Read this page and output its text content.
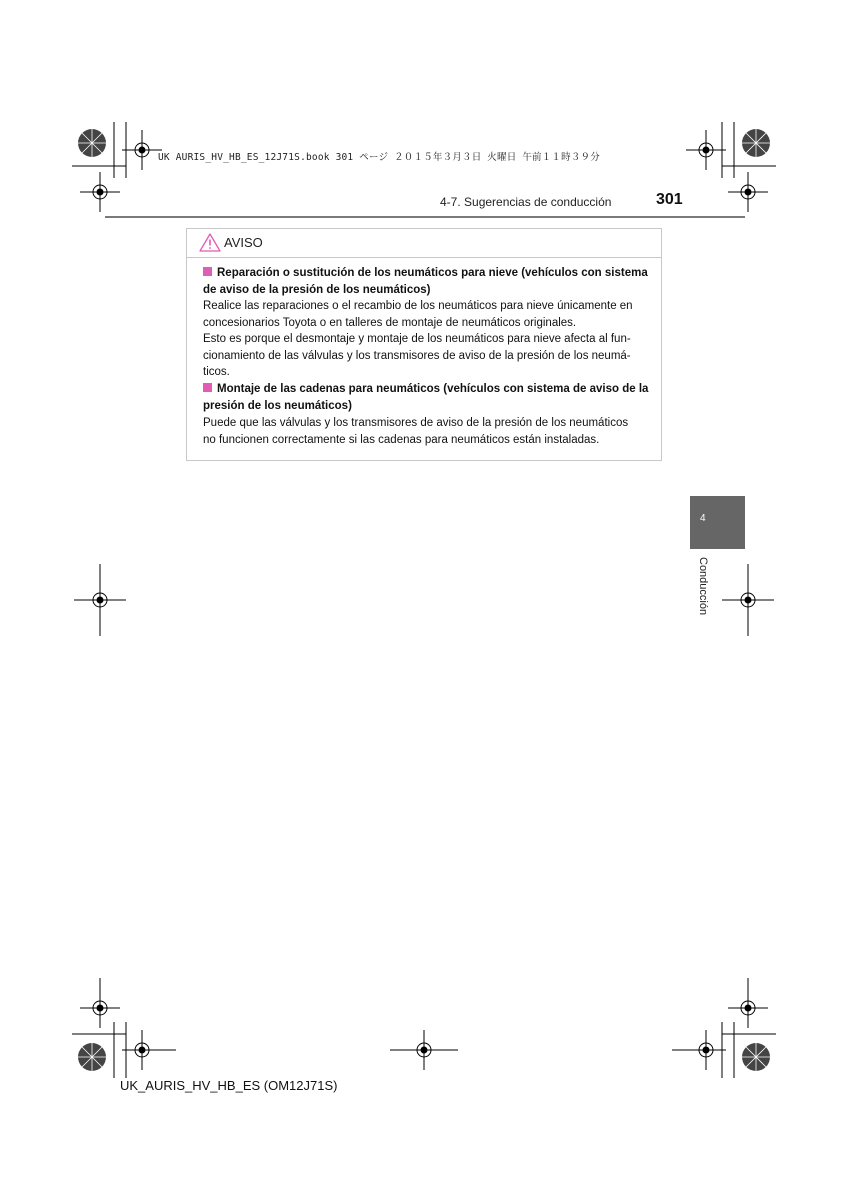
UK AURIS_HV_HB_ES_12J71S.book 301 ページ ２０１５年３月３日 火曜日 午前１１時３９分
4-7. Sugerencias de conducción	301
AVISO
Reparación o sustitución de los neumáticos para nieve (vehículos con sistema
de aviso de la presión de los neumáticos)
Realice las reparaciones o el recambio de los neumáticos para nieve únicamente en
concesionarios Toyota o en talleres de montaje de neumáticos originales.
Esto es porque el desmontaje y montaje de los neumáticos para nieve afecta al fun-
cionamiento de las válvulas y los transmisores de aviso de la presión de los neumá-
ticos.
Montaje de las cadenas para neumáticos (vehículos con sistema de aviso de la
presión de los neumáticos)
Puede que las válvulas y los transmisores de aviso de la presión de los neumáticos
no funcionen correctamente si las cadenas para neumáticos están instaladas.
4
Conducción
UK_AURIS_HV_HB_ES (OM12J71S)
